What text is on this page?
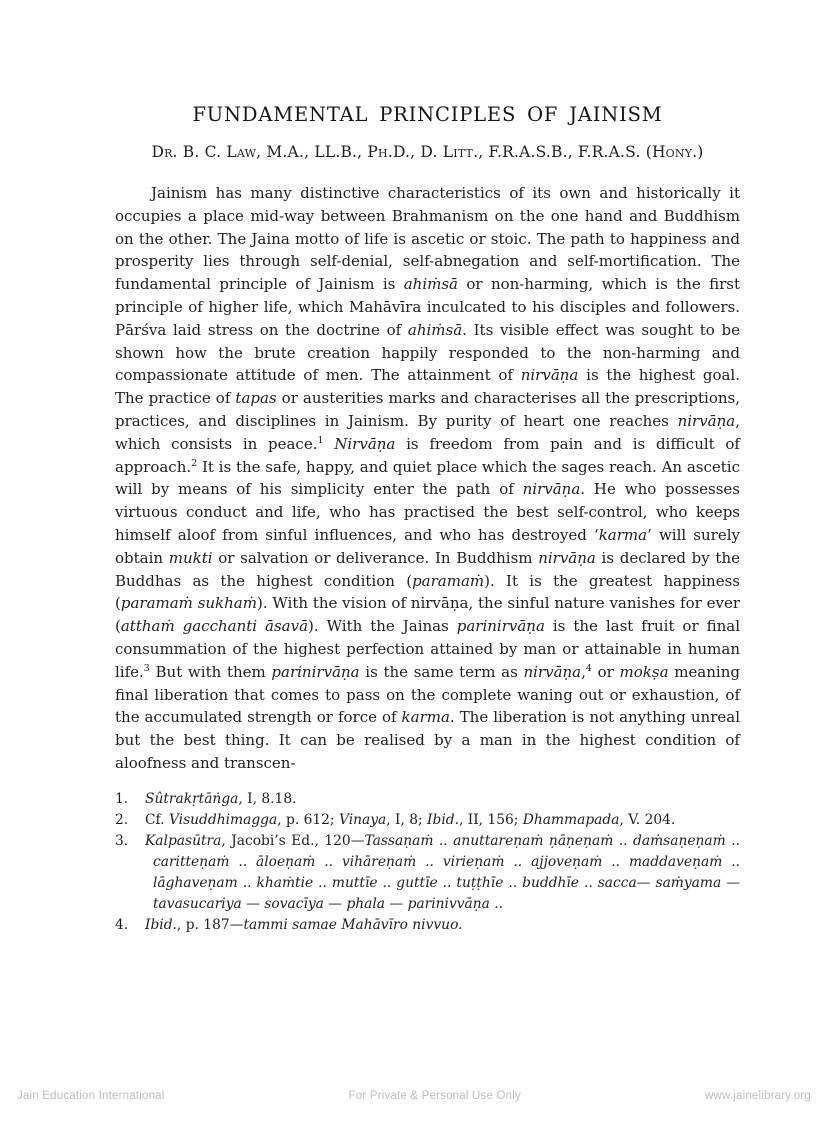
FUNDAMENTAL PRINCIPLES OF JAINISM

Dr. B. C. Law, M.A., LL.B., Ph.D., D. Litt., F.R.A.S.B., F.R.A.S. (Hony.)

Jainism has many distinctive characteristics of its own and historically it occupies a place mid-way between Brahmanism on the one hand and Buddhism on the other. The Jaina motto of life is ascetic or stoic. The path to happiness and prosperity lies through self-denial, self-abnegation and self-mortification. The fundamental principle of Jainism is ahiṁsā or non-harming, which is the first principle of higher life, which Mahāvīra inculcated to his disciples and followers. Pārśva laid stress on the doctrine of ahiṁsā. Its visible effect was sought to be shown how the brute creation happily responded to the non-harming and compassionate attitude of men. The attainment of nirvāṇa is the highest goal. The practice of tapas or austerities marks and characterises all the prescriptions, practices, and disciplines in Jainism. By purity of heart one reaches nirvāṇa, which consists in peace.$^1$ Nirvāṇa is freedom from pain and is difficult of approach.$^2$ It is the safe, happy, and quiet place which the sages reach. An ascetic will by means of his simplicity enter the path of nirvāṇa. He who possesses virtuous conduct and life, who has practised the best self-control, who keeps himself aloof from sinful influences, and who has destroyed ‘karma’ will surely obtain mukti or salvation or deliverance. In Buddhism nirvāṇa is declared by the Buddhas as the highest condition (paramaṁ). It is the greatest happiness (paramaṁ sukhaṁ). With the vision of nirvāṇa, the sinful nature vanishes for ever (atthaṁ gacchanti āsavā). With the Jainas parinirvāṇa is the last fruit or final consummation of the highest perfection attained by man or attainable in human life.$^3$ But with them parinirvāṇa is the same term as nirvāṇa,$^4$ or mokṣa meaning final liberation that comes to pass on the complete waning out or exhaustion, of the accumulated strength or force of karma. The liberation is not anything unreal but the best thing. It can be realised by a man in the highest condition of aloofness and transcen-

1. Sûtrakṛtāṅga, I, 8.18.

2. Cf. Visuddhimagga, p. 612; Vinaya, I, 8; Ibid., II, 156; Dhammapada, V. 204.

3. Kalpasūtra, Jacobi’s Ed., 120—Tassaṇaṁ .. anuttareṇaṁ ṇāṇeṇaṁ .. daṁsaṇeṇaṁ .. caritteṇaṁ .. āloeṇaṁ .. vihāreṇaṁ .. virieṇaṁ .. ajjoveṇaṁ .. maddaveṇaṁ .. lāghaveṇam .. khaṁtie .. muttīe .. guttīe .. tuṭṭhīe .. buddhīe .. sacca— saṁyama — tavasucariya — sovacīya — phala — parinivvāṇa ..

4. Ibid., p. 187—tammi samae Mahāvīro nivvuo.

Jain Education International	For Private & Personal Use Only	www.jainelibrary.org
